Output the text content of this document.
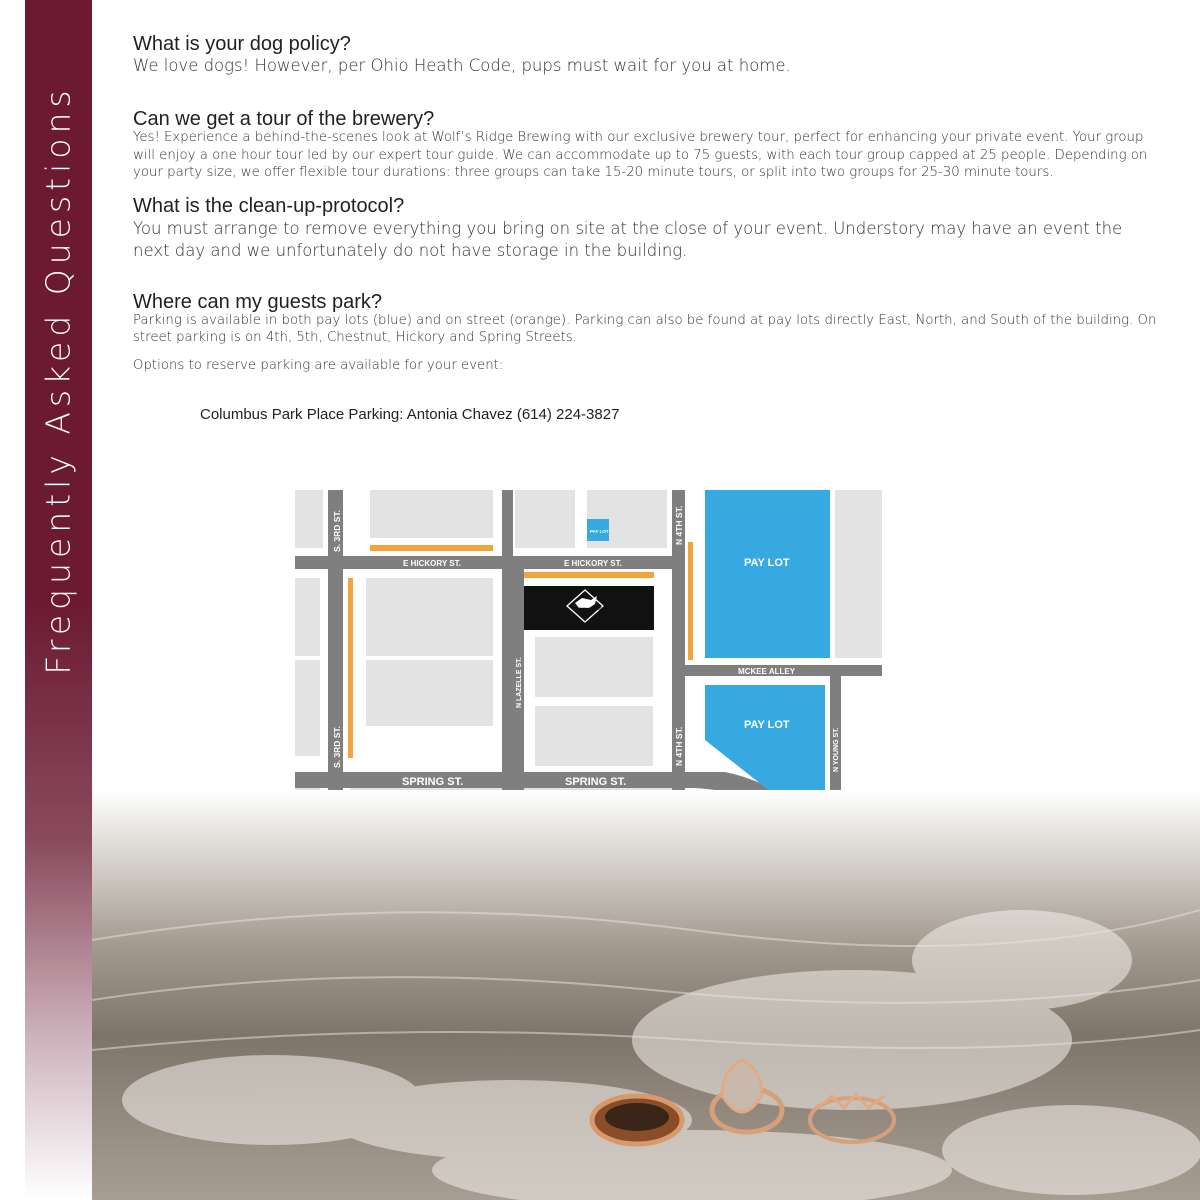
Frequently Asked Questions
What is your dog policy?

We love dogs! However, per Ohio Heath Code, pups must wait for you at home.

Can we get a tour of the brewery?

Yes! Experience a behind-the-scenes look at Wolf’s Ridge Brewing with our exclusive brewery tour, perfect for enhancing your private event. Your group will enjoy a one hour tour led by our expert tour guide. We can accommodate up to 75 guests, with each tour group capped at 25 people. Depending on your party size, we offer flexible tour durations: three groups can take 15-20 minute tours, or split into two groups for 25-30 minute tours.

What is the clean-up-protocol?

You must arrange to remove everything you bring on site at the close of your event. Understory may have an event the next day and we unfortunately do not have storage in the building.

Where can my guests park?

Parking is available in both pay lots (blue) and on street (orange). Parking can also be found at pay lots directly East, North, and South of the building. On street parking is on 4th, 5th, Chestnut, Hickory and Spring Streets.

Options to reserve parking are available for your event:

Columbus Park Place Parking: Antonia Chavez (614) 224-3827
S. 3RD ST.
S. 3RD ST.
N 4TH ST.
N 4TH ST.
E HICKORY ST.	E HICKORY ST.
N LAZELLE ST.	MCKEE ALLEY
N YOUNG ST.
SPRING ST.	SPRING ST.
PAY LOT
PAY LOT
PAY LOT
WOLF'S RIDGE
